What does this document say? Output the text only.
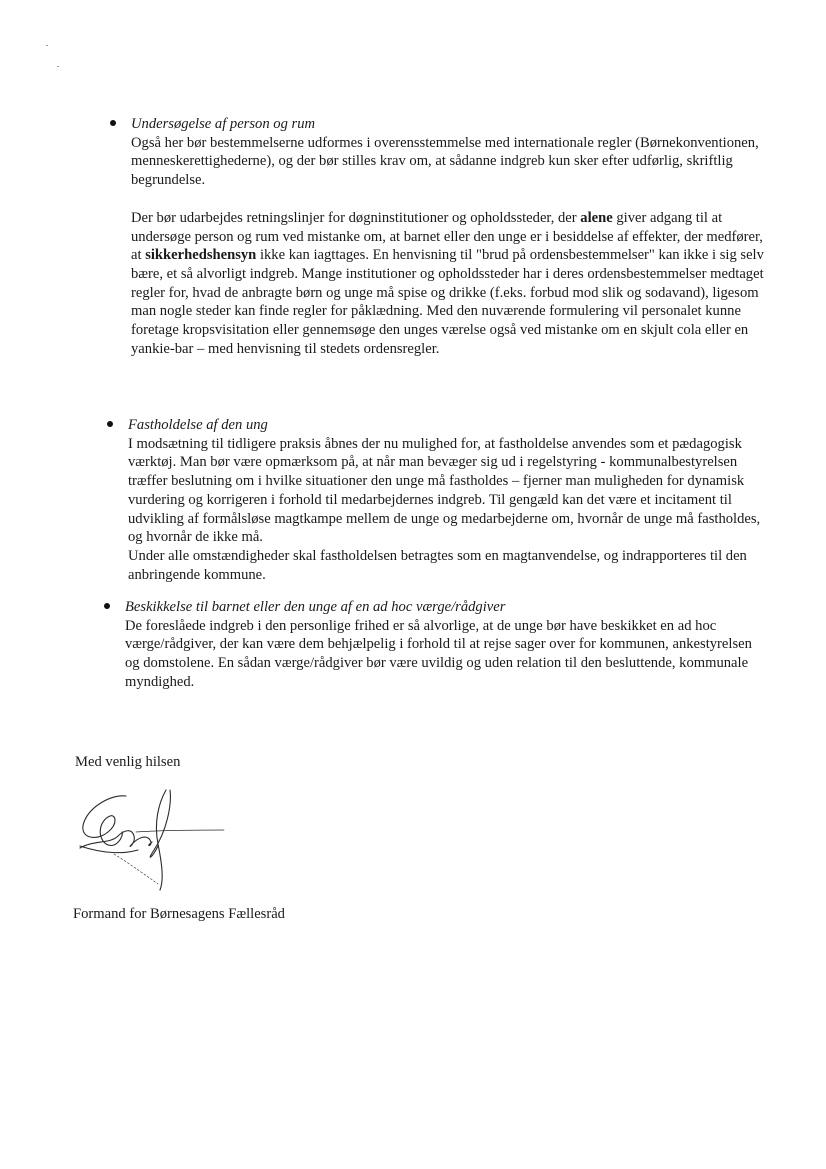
Undersøgelse af person og rum

Også her bør bestemmelserne udformes i overensstemmelse med internationale regler (Børnekonventionen, menneskerettighederne), og der bør stilles krav om, at sådanne indgreb kun sker efter udførlig, skriftlig begrundelse.

Der bør udarbejdes retningslinjer for døgninstitutioner og opholdssteder, der alene giver adgang til at undersøge person og rum ved mistanke om, at barnet eller den unge er i besiddelse af effekter, der medfører, at sikkerhedshensyn ikke kan iagttages. En henvisning til "brud på ordensbestemmelser" kan ikke i sig selv bære, et så alvorligt indgreb. Mange institutioner og opholdssteder har i deres ordensbestemmelser medtaget regler for, hvad de anbragte børn og unge må spise og drikke (f.eks. forbud mod slik og sodavand), ligesom man nogle steder kan finde regler for påklædning. Med den nuværende formulering vil personalet kunne foretage kropsvisitation eller gennemsøge den unges værelse også ved mistanke om en skjult cola eller en yankie-bar – med henvisning til stedets ordensregler.

Fastholdelse af den ung

I modsætning til tidligere praksis åbnes der nu mulighed for, at fastholdelse anvendes som et pædagogisk værktøj. Man bør være opmærksom på, at når man bevæger sig ud i regelstyring - kommunalbestyrelsen træffer beslutning om i hvilke situationer den unge må fastholdes – fjerner man muligheden for dynamisk vurdering og korrigeren i forhold til medarbejdernes indgreb. Til gengæld kan det være et incitament til udvikling af formålsløse magtkampe mellem de unge og medarbejderne om, hvornår de unge må fastholdes, og hvornår de ikke må.

Under alle omstændigheder skal fastholdelsen betragtes som en magtanvendelse, og indrapporteres til den anbringende kommune.

Beskikkelse til barnet eller den unge af en ad hoc værge/rådgiver

De foreslåede indgreb i den personlige frihed er så alvorlige, at de unge bør have beskikket en ad hoc værge/rådgiver, der kan være dem behjælpelig i forhold til at rejse sager over for kommunen, ankestyrelsen og domstolene. En sådan værge/rådgiver bør være uvildig og uden relation til den besluttende, kommunale myndighed.

Med venlig hilsen
Formand for Børnesagens Fællesråd
